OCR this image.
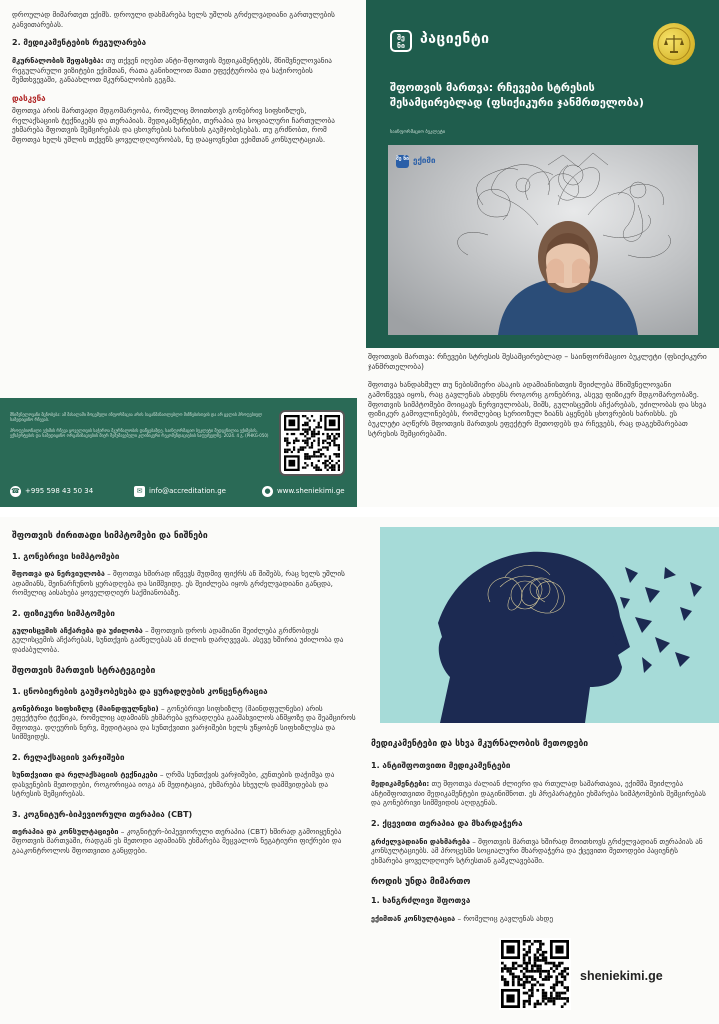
დროულად მიმართეთ ექიმს. დროული დახმარება ხელს უშლის გრძელვადიანი გართულების განვითარებას.

2. მედიკამენტების რეგულარება

მკურნალობის შეფასება: თუ თქვენ იღებთ ანტი-შფოთვის მედიკამენტებს, მნიშვნელოვანია რეგულარული ვიზიტები ექიმთან, რათა განიხილოთ მათი ეფექტურობა და საჭიროების შემთხვევაში, განაახლოთ მკურნალობის გეგმა.

დასკვნა

შფოთვა არის მართვადი მდგომარეობა, რომელიც მოითხოვს გონებრივ სიფხიზლეს, რელაქსაციის ტექნიკებს და თერაპიას. მედიკამენტები, თერაპია და სოციალური ჩართულობა ეხმარება შფოთვის შემცირებას და ცხოვრების ხარისხის გაუმჯობესებას. თუ გრძნობთ, რომ შფოთვა ხელს უშლის თქვენს ყოველდღიურობას, ნუ დააყოვნებთ ექიმთან კონსულტაციას.

მნიშვნელოვანი მცნობება: ამ მასალაში მოცემული ინფორმაცია არის საგანმანათლებლო მიზნებისთვის და არ ცვლის პროფესიულ სამედიცინო რჩევას.
პროფესიონალი ექიმის რჩევა ყოველთვის საჭიროა მკურნალობის დაწყებამდე. საინფორმაციო ბუკლეტი შედგენილია ექიმების, ექსპერტების და სამედიცინო ორგანიზაციების მიერ შემუშავებული კლინიკური რეკომენდაციების საფუძველზე. 2024. 4 გ. (PHKG-050)
☎ +995 598 43 50 34	✉ info@accreditation.ge	● www.sheniekimi.ge
შე ნი	პაციენტი
შფოთვის მართვა: რჩევები სტრესის შესამცირებლად (ფსიქიკური ჯანმრთელობა)
საინფორმაციო ბუკლეტი
შე ნი ექიმი

შფოთვის მართვა: რჩევები სტრესის შესამცირებლად – საინფორმაციო ბუკლეტი (ფსიქიკური ჯანმრთელობა)

შფოთვა ხანდახმულ თუ ნებისმიერი ასაკის ადამიანისთვის შეიძლება მნიშვნელოვანი გამოწვევა იყოს, რაც გავლენას ახდენს როგორც გონებრივ, ასევე ფიზიკურ მდგომარეობაზე. შფოთვის სიმპტომები მოიცავს ნერვიულობას, შიშს, გულისცემის აჩქარებას, უძილობას და სხვა ფიზიკურ გამოვლინებებს, რომლებიც სერიოზულ ზიანს აყენებს ცხოვრების ხარისხს. ეს ბუკლეტი აღწერს შფოთვის მართვის ეფექტურ მეთოდებს და რჩევებს, რაც დაგეხმარებათ სტრესის შემცირებაში.

შფოთვის ძირითადი სიმპტომები და ნიშნები
1. გონებრივი სიმპტომები

შფოთვა და ნერვიულობა – შფოთვა ხშირად იწვევს მუდმივ ფიქრს ან შიშებს, რაც ხელს უშლის ადამიანს, შეინარჩუნოს ყურადღება და სიმშვიდე. ეს შეიძლება იყოს გრძელვადიანი განცდა, რომელიც აისახება ყოველდღიურ საქმიანობაზე.

2. ფიზიკური სიმპტომები

გულისცემის აჩქარება და უძილობა – შფოთვის დროს ადამიანი შეიძლება გრძნობდეს გულისცემის აჩქარებას, სუნთქვის გაძნელებას ან ძილის დარღვევას. ასევე ხშირია უძილობა და დაძაბულობა.

შფოთვის მართვის სტრატეგიები
1. ცნობიერების გაუმჯობესება და ყურადღების კონცენტრაცია

გონებრივი სიფხიზლე (მაინდფულნესი) – გონებრივი სიფხიზლე (მაინდფულნესი) არის ეფექტური ტექნიკა, რომელიც ადამიანს ეხმარება ყურადღება გაამახვილოს აწმყოზე და შეამციროს შფოთვა. დღეურის ნერვ, მედიტაცია და სუნთქვითი ვარჯიშები ხელს უწყობენ სიფხიზლესა და სიმშვიდეს.

2. რელაქსაციის ვარჯიშები

სუნთქვითი და რელაქსაციის ტექნიკები – ღრმა სუნთქვის ვარჯიშები, კუნთების დაჭიმვა და დასვენების მეთოდები, როგორიცაა იოგა ან მედიტაცია, ეხმარება სხეულს დამშვიდებას და სტრესის შემცირებას.

3. კოგნიტურ-ბიჰევიორული თერაპია (CBT)

თერაპია და კონსულტაციები – კოგნიტურ-ბიჰევიორული თერაპია (CBT) ხშირად გამოიყენება შფოთვის მართვაში, რადგან ეს მეთოდი ადამიანს ეხმარება შეცვალოს ნეგატიური ფიქრები და გააკონტროლოს შფოთვითი განცდები.

მედიკამენტები და სხვა მკურნალობის მეთოდები
1. ანტიშფოთვითი მედიკამენტები

მედიკამენტები: თუ შფოთვა ძალიან ძლიერი და რთულად სამართავია, ექიმმა შეიძლება ანტიშფოთვითი მედიკამენტები დაგინიშნოთ. ეს პრეპარატები ეხმარება სიმპტომების შემცირებას და გონებრივი სიმშვიდის აღდგენას.

2. ქცევითი თერაპია და მხარდაჭერა

გრძელვადიანი დახმარება – შფოთვის მართვა ხშირად მოითხოვს გრძელვადიან თერაპიას ან კონსულტაციებს. ამ პროცესში სოციალური მხარდაჭერა და ქცევითი მეთოდები პაციენტს ეხმარება ყოველდღიურ სტრესთან გამკლავებაში.

როდის უნდა მიმართო
1. ხანგრძლივი შფოთვა

ექიმთან კონსულტაცია – რომელიც გავლენას ახდე

sheniekimi.ge
